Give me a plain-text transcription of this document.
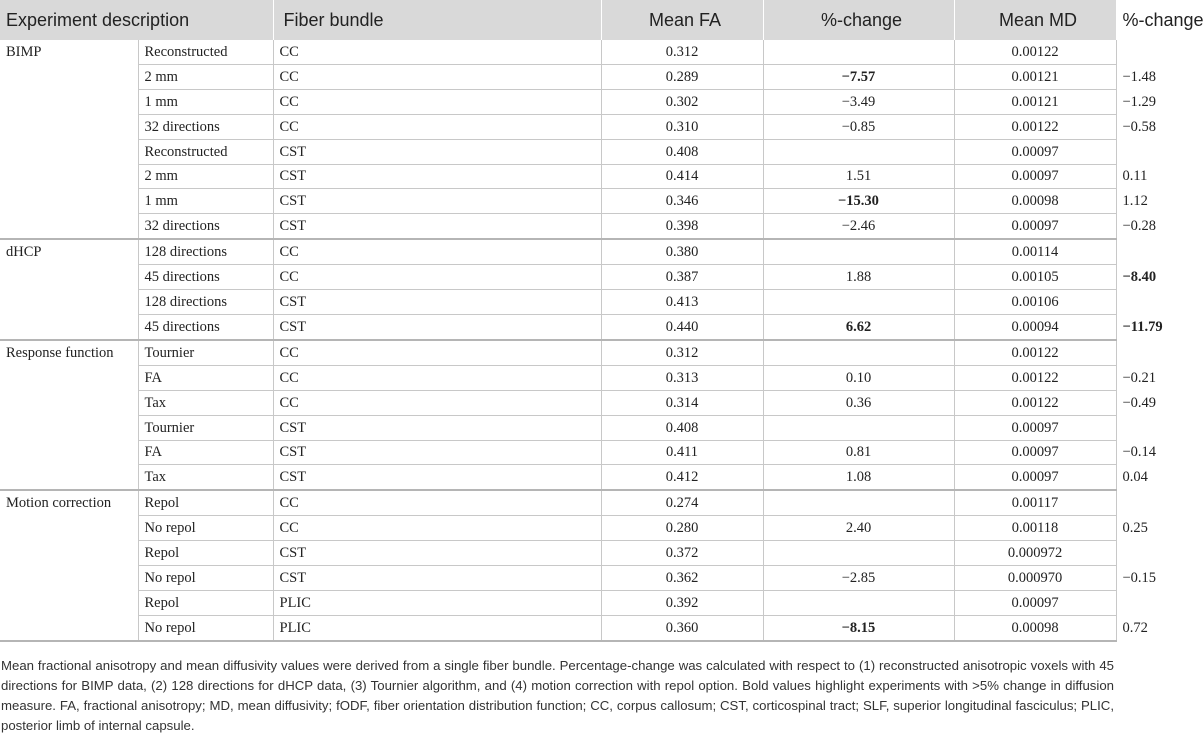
Experiment description		Fiber bundle	Mean FA	%-change	Mean MD	%-change
BIMP	Reconstructed	CC	0.312		0.00122	
	2 mm	CC	0.289	−7.57	0.00121	−1.48
	1 mm	CC	0.302	−3.49	0.00121	−1.29
	32 directions	CC	0.310	−0.85	0.00122	−0.58
	Reconstructed	CST	0.408		0.00097	
	2 mm	CST	0.414	1.51	0.00097	0.11
	1 mm	CST	0.346	−15.30	0.00098	1.12
	32 directions	CST	0.398	−2.46	0.00097	−0.28
dHCP	128 directions	CC	0.380		0.00114	
	45 directions	CC	0.387	1.88	0.00105	−8.40
	128 directions	CST	0.413		0.00106	
	45 directions	CST	0.440	6.62	0.00094	−11.79
Response function	Tournier	CC	0.312		0.00122	
	FA	CC	0.313	0.10	0.00122	−0.21
	Tax	CC	0.314	0.36	0.00122	−0.49
	Tournier	CST	0.408		0.00097	
	FA	CST	0.411	0.81	0.00097	−0.14
	Tax	CST	0.412	1.08	0.00097	0.04
Motion correction	Repol	CC	0.274		0.00117	
	No repol	CC	0.280	2.40	0.00118	0.25
	Repol	CST	0.372		0.000972	
	No repol	CST	0.362	−2.85	0.000970	−0.15
	Repol	PLIC	0.392		0.00097	
	No repol	PLIC	0.360	−8.15	0.00098	0.72
Mean fractional anisotropy and mean diffusivity values were derived from a single fiber bundle. Percentage-change was calculated with respect to (1) reconstructed anisotropic voxels with 45 directions for BIMP data, (2) 128 directions for dHCP data, (3) Tournier algorithm, and (4) motion correction with repol option. Bold values highlight experiments with >5% change in diffusion measure. FA, fractional anisotropy; MD, mean diffusivity; fODF, fiber orientation distribution function; CC, corpus callosum; CST, corticospinal tract; SLF, superior longitudinal fasciculus; PLIC, posterior limb of internal capsule.
